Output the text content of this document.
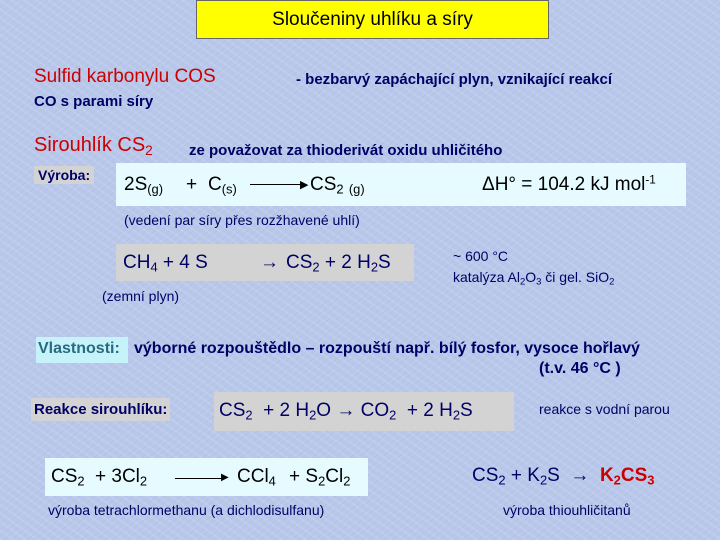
Sloučeniny uhlíku a síry
Sulfid karbonylu COS	- bezbarvý zapáchající plyn, vznikající reakcí
CO s parami síry
Sirouhlík $CS_2$ ze považovat za thioderivát oxidu uhličitého
Výroba: $2S_{(g)} + C_{(s)}$	▶ $CS_2$ $_{(g)}$	ΔH° = 104.2 kJ mol$^{-1}$
(vedení par síry přes rozžhavené uhlí)
$CH_4 + 4$ S	→ $CS_2 + 2$ $H_2S$
(zemní plyn)
~ 600 °C
katalýza $Al_2O_3$ či gel. SiO$_2$
Vlastnosti: výborné rozpouštědlo – rozpouští např. bílý fosfor, vysoce hořlavý
(t.v. 46 °C )
Reakce sirouhlíku:	$CS_2 + 2$ $H_2O \to CO_2 + 2$ $H_2S$	reakce s vodní parou
$CS_2 + 3Cl_2$	▶ $CCl_4 + S_2Cl_2$
výroba tetrachlormethanu (a dichlodisulfanu)
$CS_2 + K_2S \to K_2CS_3$
výroba thiouhličitanů
